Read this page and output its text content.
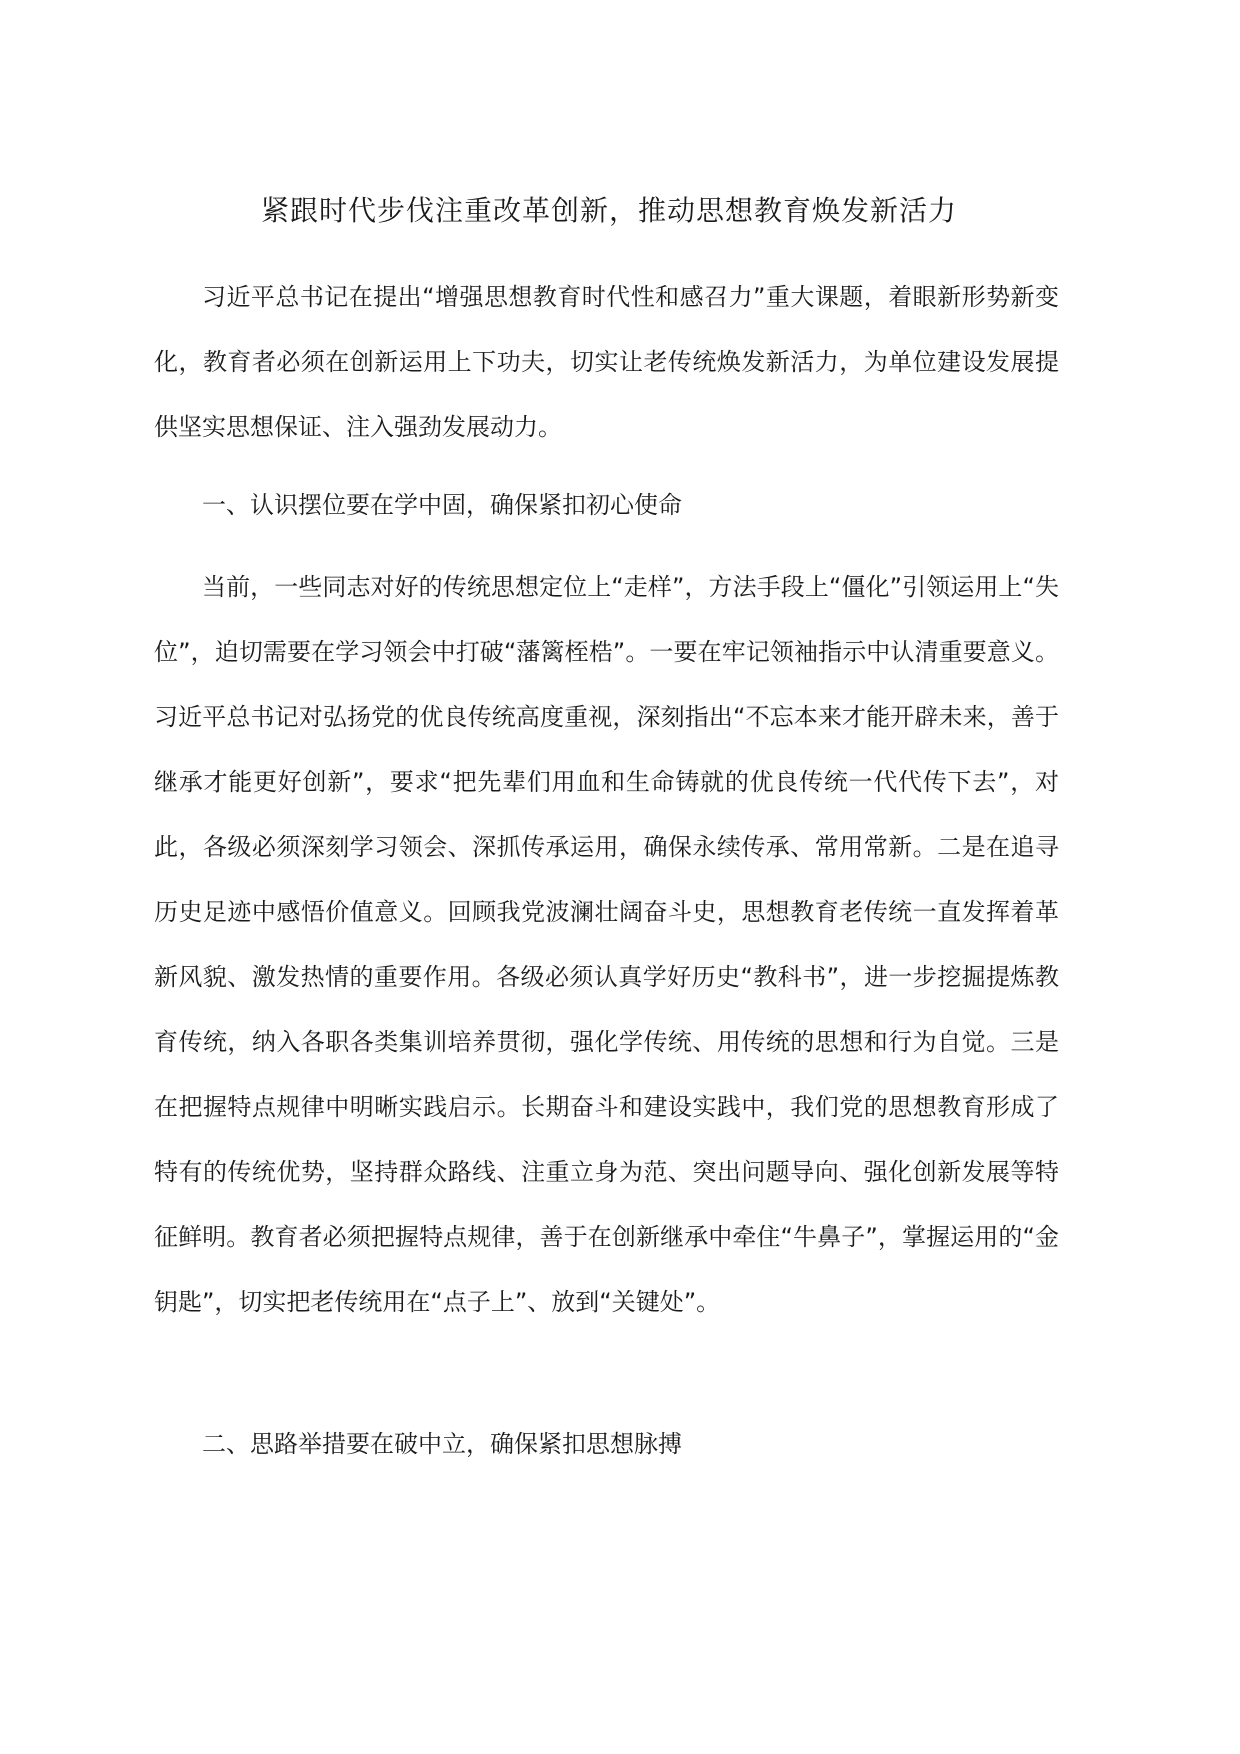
紧跟时代步伐注重改革创新，推动思想教育焕发新活力

习近平总书记在提出“增强思想教育时代性和感召力”重大课题，着眼新形势新变化，教育者必须在创新运用上下功夫，切实让老传统焕发新活力，为单位建设发展提供坚实思想保证、注入强劲发展动力。

一、认识摆位要在学中固，确保紧扣初心使命

当前，一些同志对好的传统思想定位上“走样”，方法手段上“僵化”引领运用上“失位”，迫切需要在学习领会中打破“藩篱桎梏”。一要在牢记领袖指示中认清重要意义。习近平总书记对弘扬党的优良传统高度重视，深刻指出“不忘本来才能开辟未来，善于继承才能更好创新”，要求“把先辈们用血和生命铸就的优良传统一代代传下去”，对此，各级必须深刻学习领会、深抓传承运用，确保永续传承、常用常新。二是在追寻历史足迹中感悟价值意义。回顾我党波澜壮阔奋斗史，思想教育老传统一直发挥着革新风貌、激发热情的重要作用。各级必须认真学好历史“教科书”，进一步挖掘提炼教育传统，纳入各职各类集训培养贯彻，强化学传统、用传统的思想和行为自觉。三是在把握特点规律中明晰实践启示。长期奋斗和建设实践中，我们党的思想教育形成了特有的传统优势，坚持群众路线、注重立身为范、突出问题导向、强化创新发展等特征鲜明。教育者必须把握特点规律，善于在创新继承中牵住“牛鼻子”，掌握运用的“金钥匙”，切实把老传统用在“点子上”、放到“关键处”。

二、思路举措要在破中立，确保紧扣思想脉搏
